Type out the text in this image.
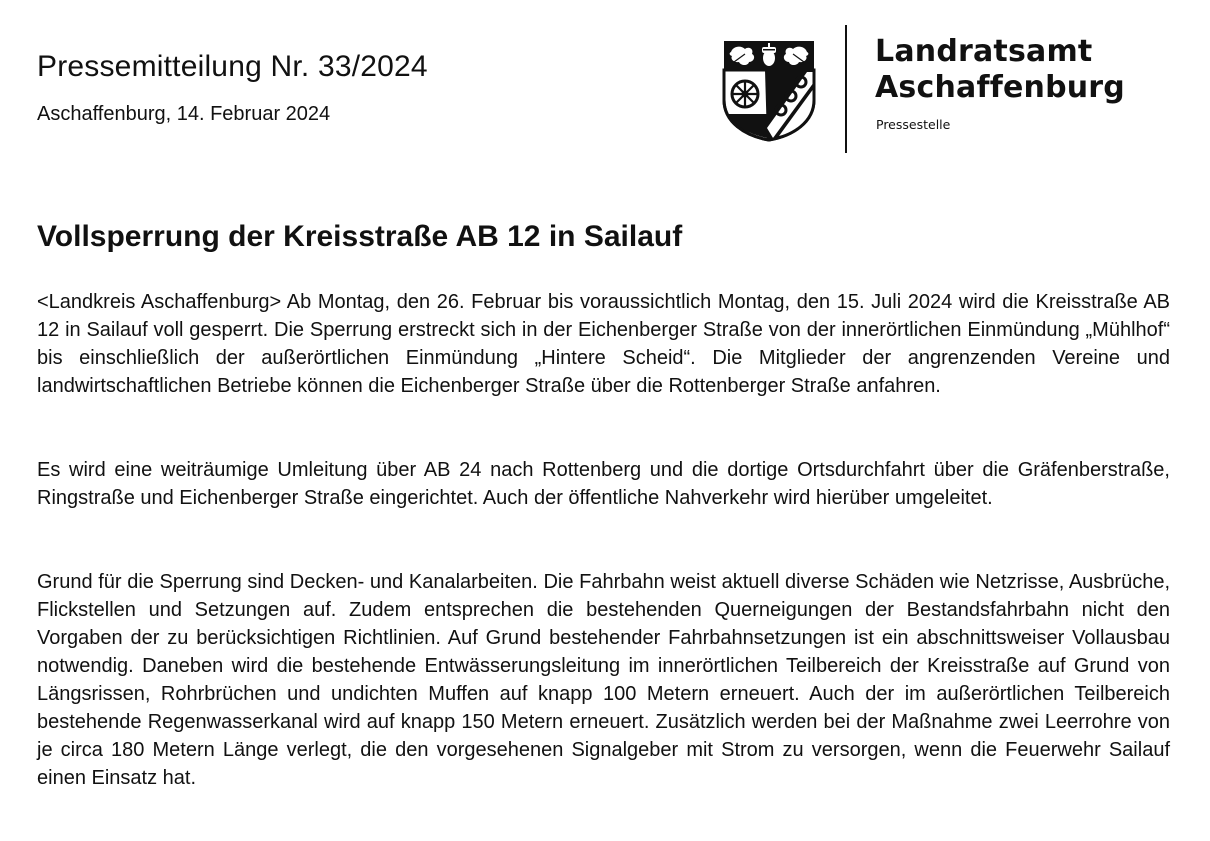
Pressemitteilung Nr. 33/2024

Aschaffenburg, 14. Februar 2024

Landratsamt
Aschaffenburg

Pressestelle

Vollsperrung der Kreisstraße AB 12 in Sailauf

<Landkreis Aschaffenburg> Ab Montag, den 26. Februar bis voraussichtlich Montag, den 15. Juli 2024 wird die Kreisstraße AB 12 in Sailauf voll gesperrt. Die Sperrung erstreckt sich in der Eichenberger Straße von der innerörtlichen Einmündung „Mühlhof“ bis einschließlich der außerörtlichen Einmündung „Hintere Scheid“. Die Mitglieder der angrenzenden Vereine und landwirtschaftlichen Betriebe können die Eichenberger Straße über die Rottenberger Straße anfahren.

Es wird eine weiträumige Umleitung über AB 24 nach Rottenberg und die dortige Ortsdurchfahrt über die Gräfenberstraße, Ringstraße und Eichenberger Straße eingerichtet. Auch der öffentliche Nahverkehr wird hierüber umgeleitet.

Grund für die Sperrung sind Decken- und Kanalarbeiten. Die Fahrbahn weist aktuell diverse Schäden wie Netzrisse, Ausbrüche, Flickstellen und Setzungen auf. Zudem entsprechen die bestehenden Querneigungen der Bestandsfahrbahn nicht den Vorgaben der zu berücksichtigen Richtlinien. Auf Grund bestehender Fahrbahnsetzungen ist ein abschnittsweiser Vollausbau notwendig. Daneben wird die bestehende Entwässerungsleitung im innerörtlichen Teilbereich der Kreisstraße auf Grund von Längsrissen, Rohrbrüchen und undichten Muffen auf knapp 100 Metern erneuert. Auch der im außerörtlichen Teilbereich bestehende Regenwasserkanal wird auf knapp 150 Metern erneuert. Zusätzlich werden bei der Maßnahme zwei Leerrohre von je circa 180 Metern Länge verlegt, die den vorgesehenen Signalgeber mit Strom zu versorgen, wenn die Feuerwehr Sailauf einen Einsatz hat.
